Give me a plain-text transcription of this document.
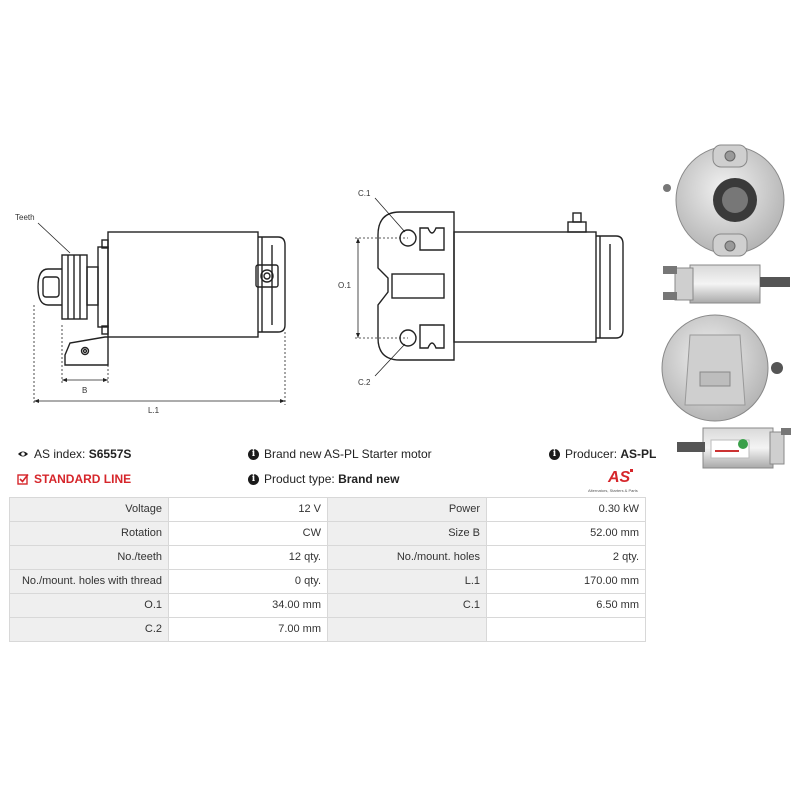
Teeth
B
L.1
C.1
O.1
C.2
AS index:
S6557S	i Brand new AS-PL Starter motor	i Producer:
AS-PL
STANDARD LINE	i Product type:
Brand new	AS
Alternators, Starters & Parts
Voltage	12 V	Power	0.30 kW
Rotation	CW	Size B	52.00 mm
No./teeth	12 qty.	No./mount. holes	2 qty.
No./mount. holes with thread	0 qty.	L.1	170.00 mm
O.1	34.00 mm	C.1	6.50 mm
C.2	7.00 mm		
